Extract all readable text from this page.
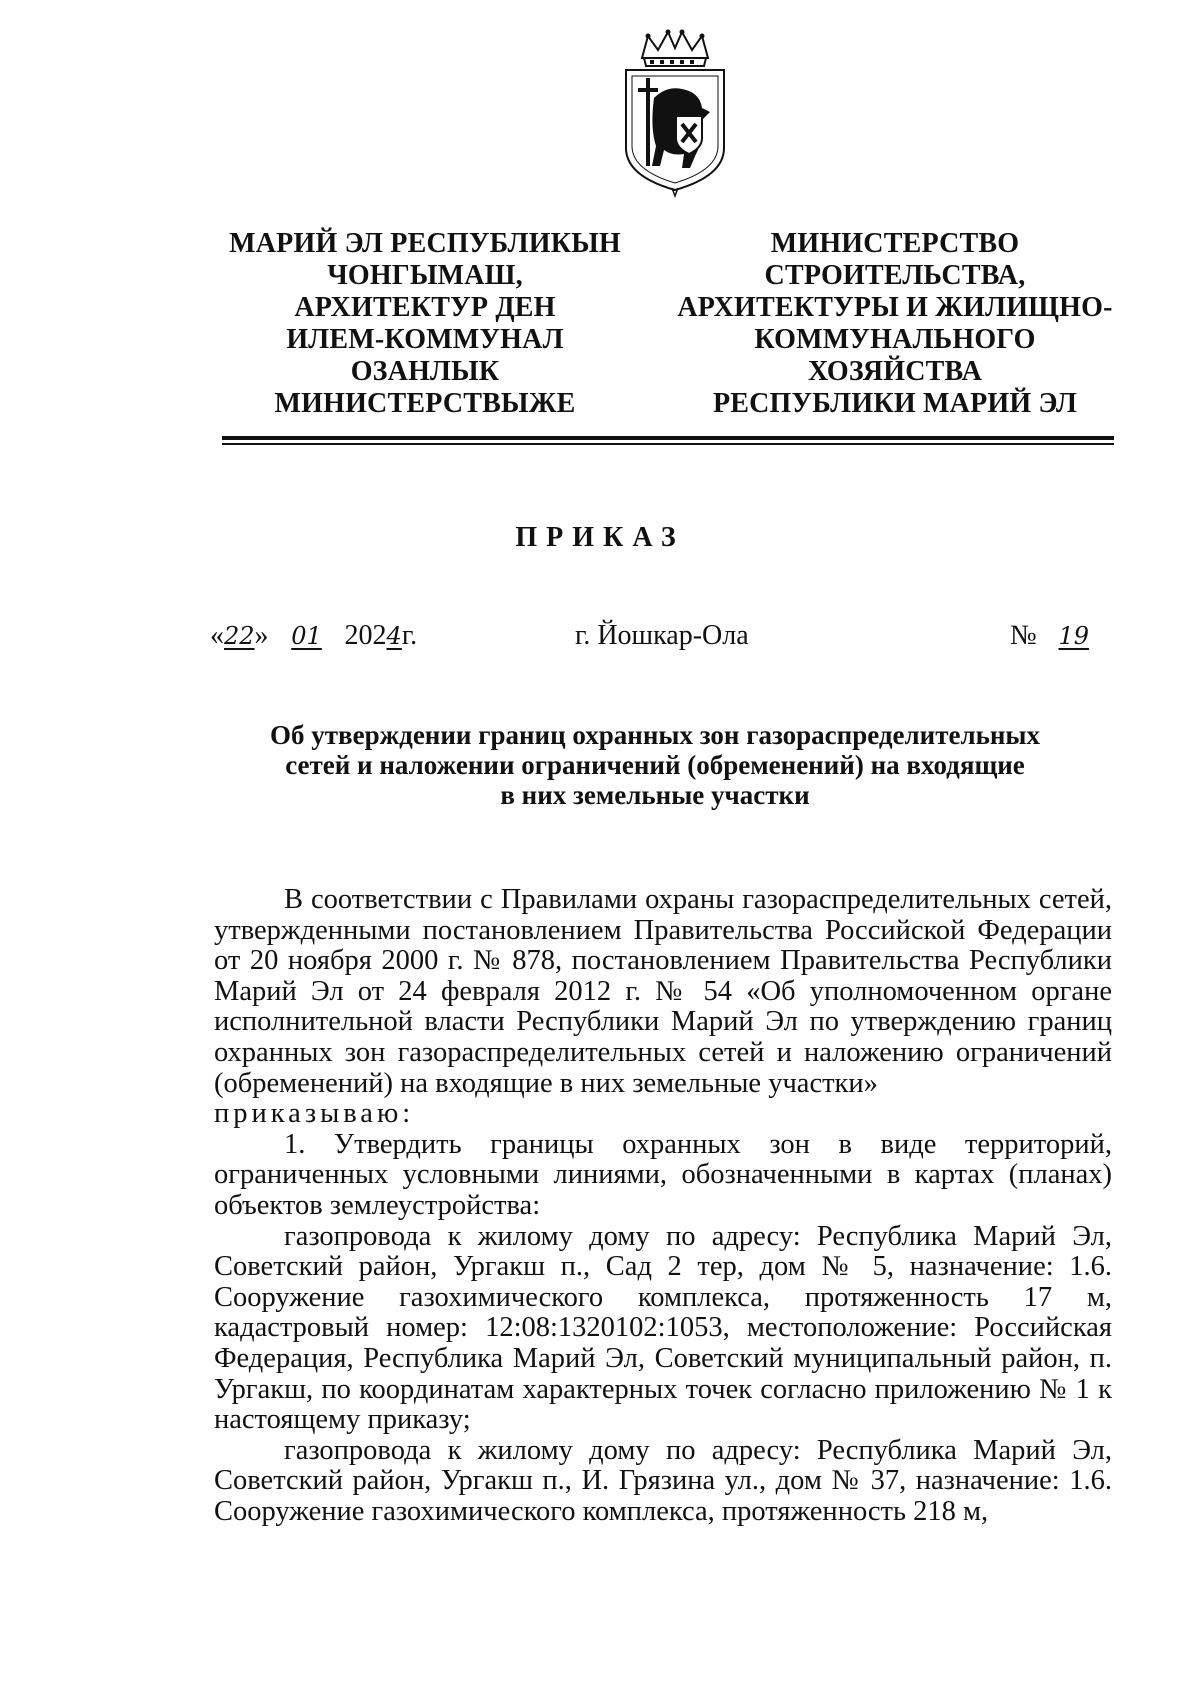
МАРИЙ ЭЛ РЕСПУБЛИКЫН
ЧОНГЫМАШ,
АРХИТЕКТУР ДЕН
ИЛЕМ-КОММУНАЛ
ОЗАНЛЫК
МИНИСТЕРСТВЫЖЕ
МИНИСТЕРСТВО
СТРОИТЕЛЬСТВА,
АРХИТЕКТУРЫ И ЖИЛИЩНО-
КОММУНАЛЬНОГО
ХОЗЯЙСТВА
РЕСПУБЛИКИ МАРИЙ ЭЛ
ПРИКАЗ
«22» 01 2024г.	г. Йошкар-Ола	№ 19
Об утверждении границ охранных зон газораспределительных
сетей и наложении ограничений (обременений) на входящие
в них земельные участки

В соответствии с Правилами охраны газораспределительных сетей, утвержденными постановлением Правительства Российской Федерации от 20 ноября 2000 г. № 878, постановлением Правительства Республики Марий Эл от 24 февраля 2012 г. № 54 «Об уполномоченном органе исполнительной власти Республики Марий Эл по утверждению границ охранных зон газораспределительных сетей и наложению ограничений (обременений) на входящие в них земельные участки»

приказываю:

1. Утвердить границы охранных зон в виде территорий, ограниченных условными линиями, обозначенными в картах (планах) объектов землеустройства:

газопровода к жилому дому по адресу: Республика Марий Эл, Советский район, Ургакш п., Сад 2 тер, дом № 5, назначение: 1.6. Сооружение газохимического комплекса, протяженность 17 м, кадастровый номер: 12:08:1320102:1053, местоположение: Российская Федерация, Республика Марий Эл, Советский муниципальный район, п. Ургакш, по координатам характерных точек согласно приложению № 1 к настоящему приказу;

газопровода к жилому дому по адресу: Республика Марий Эл, Советский район, Ургакш п., И. Грязина ул., дом № 37, назначение: 1.6. Сооружение газохимического комплекса, протяженность 218 м,
